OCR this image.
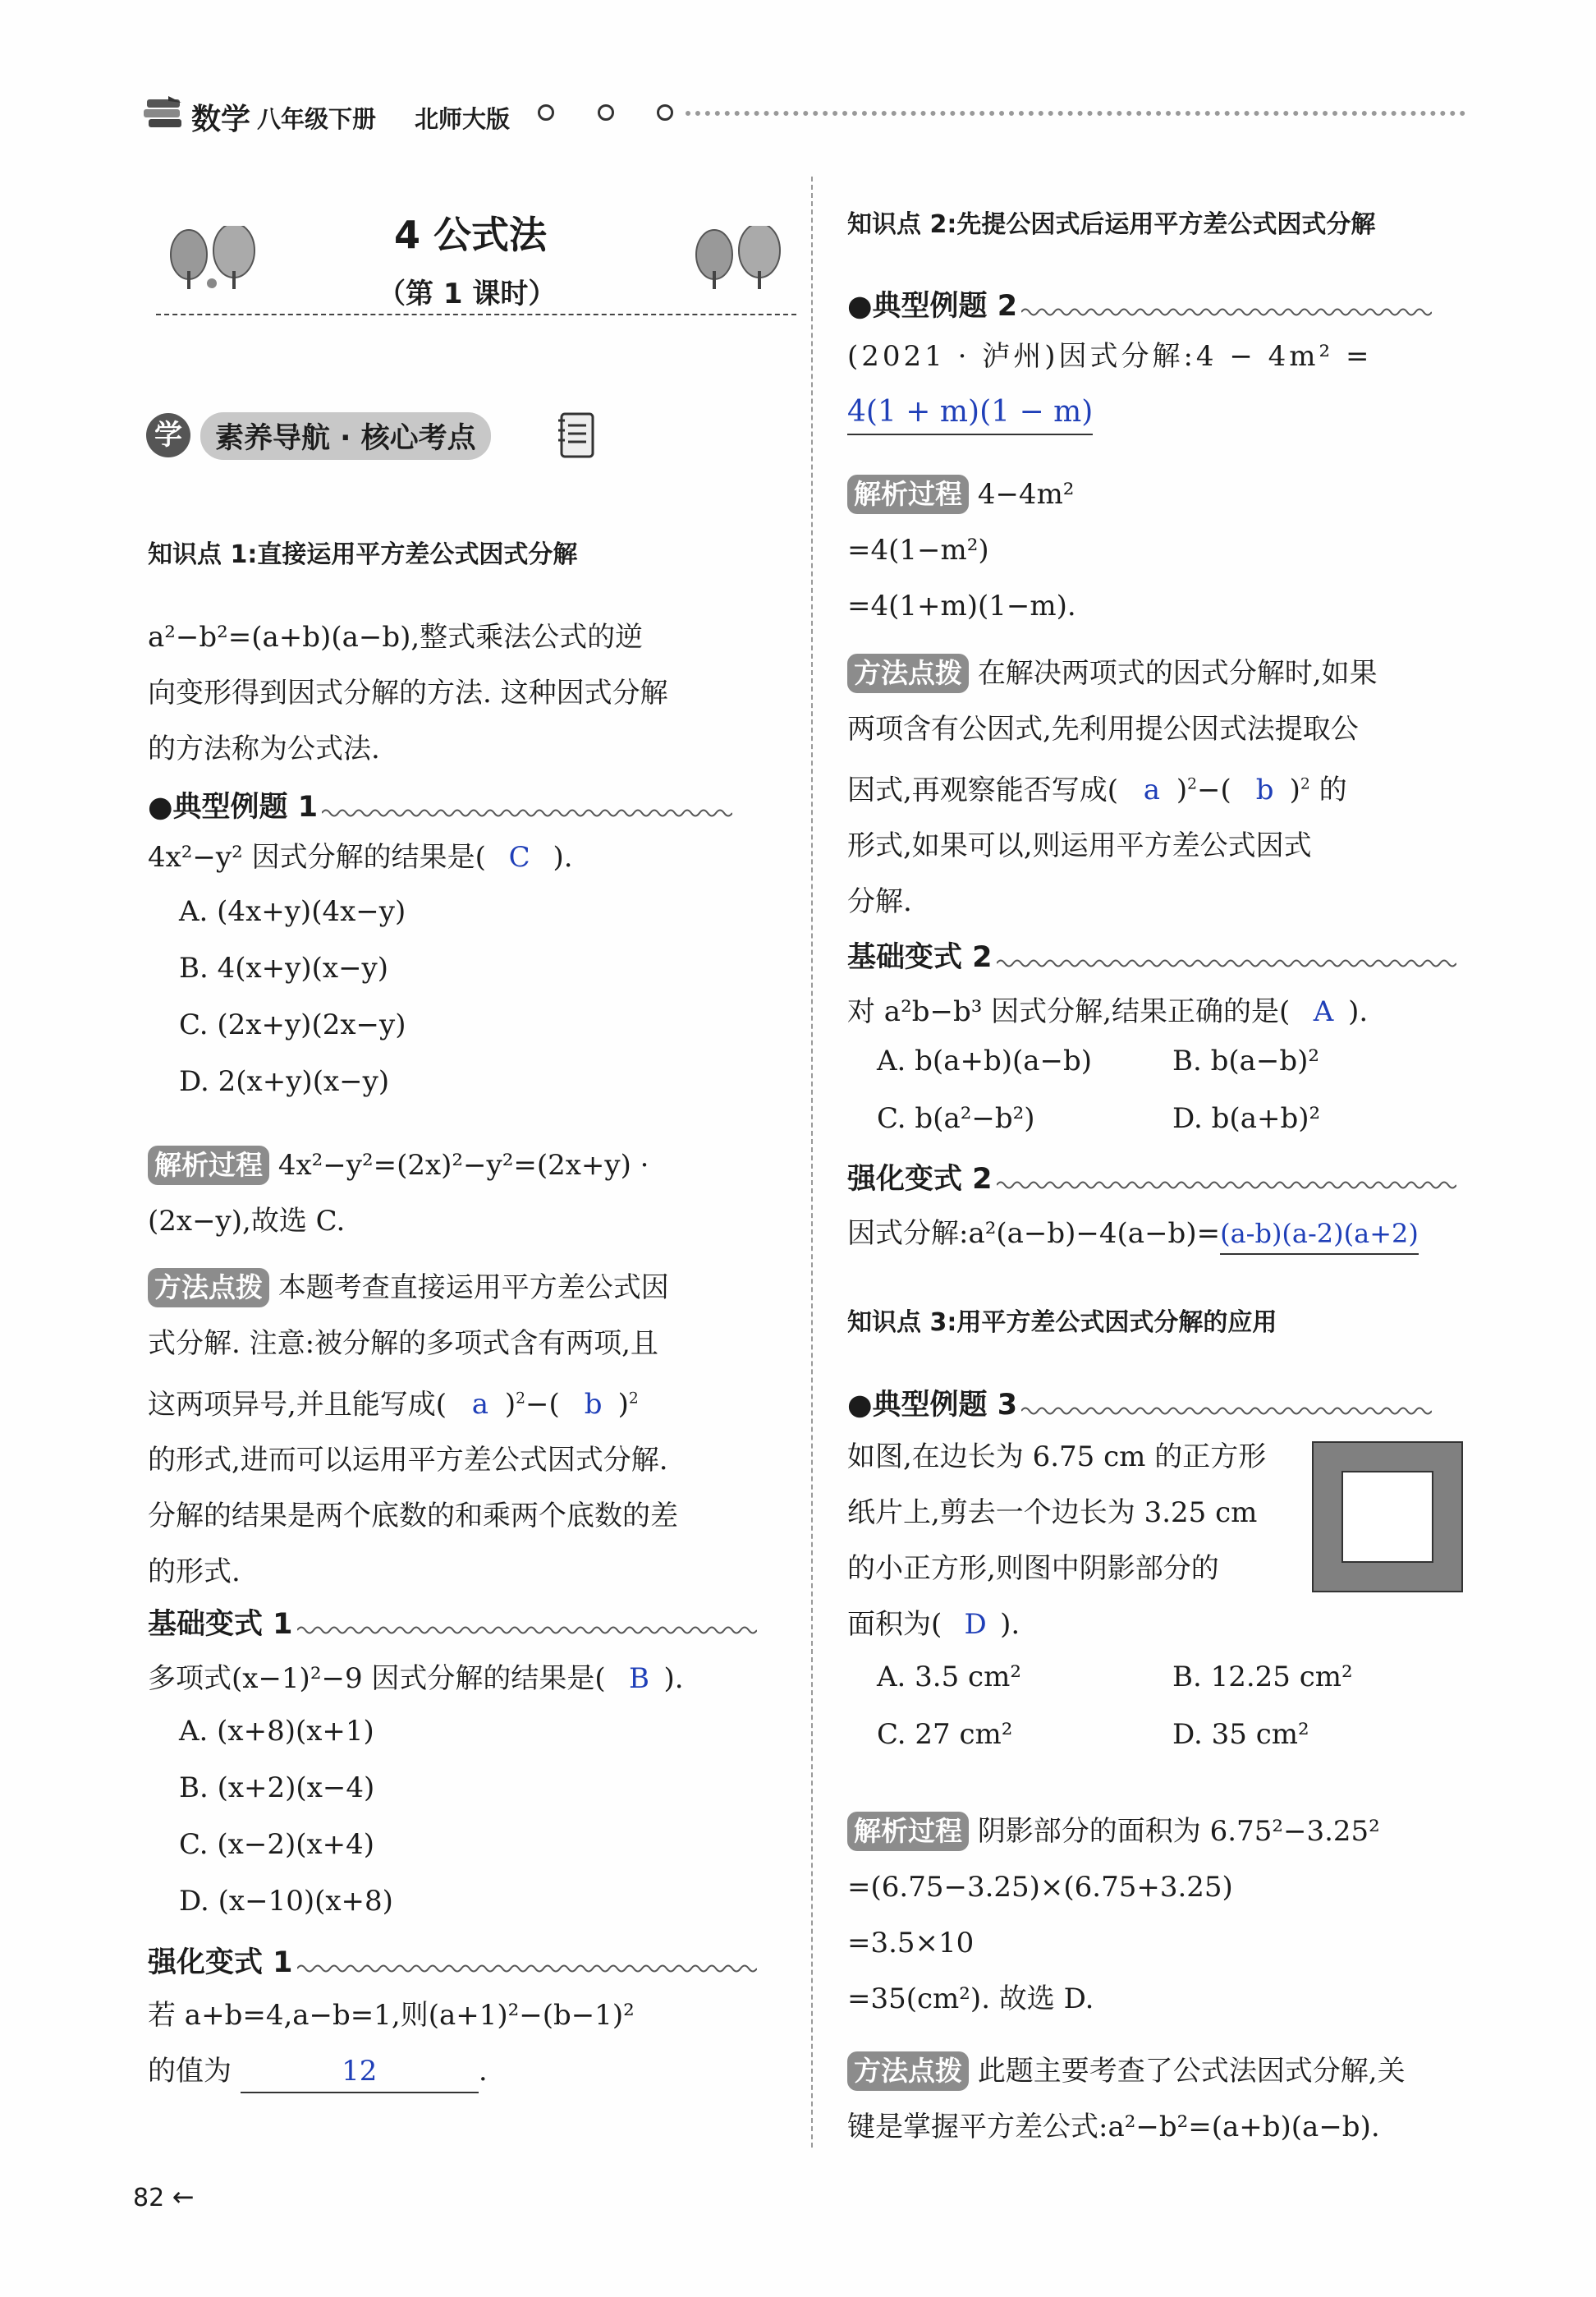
数学 八年级下册 北师大版
4 公式法
（第 1 课时）
学	素养导航 · 核心考点
知识点 1:直接运用平方差公式因式分解
a²−b²=(a+b)(a−b),整式乘法公式的逆
向变形得到因式分解的方法. 这种因式分解
的方法称为公式法.
●典型例题 1
4x²−y² 因式分解的结果是( C ).
A. (4x+y)(4x−y)
B. 4(x+y)(x−y)
C. (2x+y)(2x−y)
D. 2(x+y)(x−y)
解析过程 4x²−y²=(2x)²−y²=(2x+y) ·
(2x−y),故选 C.
方法点拨 本题考查直接运用平方差公式因
式分解. 注意:被分解的多项式含有两项,且
这两项异号,并且能写成( a )$^2$−( b )$^2$
的形式,进而可以运用平方差公式因式分解.
分解的结果是两个底数的和乘两个底数的差
的形式.
基础变式 1
多项式(x−1)²−9 因式分解的结果是( B ).
A. (x+8)(x+1)
B. (x+2)(x−4)
C. (x−2)(x+4)
D. (x−10)(x+8)
强化变式 1
若 a+b=4,a−b=1,则(a+1)²−(b−1)²
的值为	12	.
知识点 2:先提公因式后运用平方差公式因式分解
●典型例题 2
(2021 · 泸州)因式分解:4 − 4m² =
4(1 + m)(1 − m)
解析过程 4−4m²
=4(1−m²)
=4(1+m)(1−m).
方法点拨 在解决两项式的因式分解时,如果
两项含有公因式,先利用提公因式法提取公
因式,再观察能否写成( a )$^2$−( b )$^2$ 的
形式,如果可以,则运用平方差公式因式
分解.
基础变式 2
对 a²b−b³ 因式分解,结果正确的是( A ).
A. b(a+b)(a−b)	B. b(a−b)²
C. b(a²−b²)	D. b(a+b)²
强化变式 2
因式分解:a²(a−b)−4(a−b)=(a-b)(a-2)(a+2)
知识点 3:用平方差公式因式分解的应用
●典型例题 3
如图,在边长为 6.75 cm 的正方形
纸片上,剪去一个边长为 3.25 cm
的小正方形,则图中阴影部分的
面积为( D ).
A. 3.5 cm²	B. 12.25 cm²
C. 27 cm²	D. 35 cm²
解析过程 阴影部分的面积为 6.75²−3.25²
=(6.75−3.25)×(6.75+3.25)
=3.5×10
=35(cm²). 故选 D.
方法点拨 此题主要考查了公式法因式分解,关
键是掌握平方差公式:a²−b²=(a+b)(a−b).
82 ←
